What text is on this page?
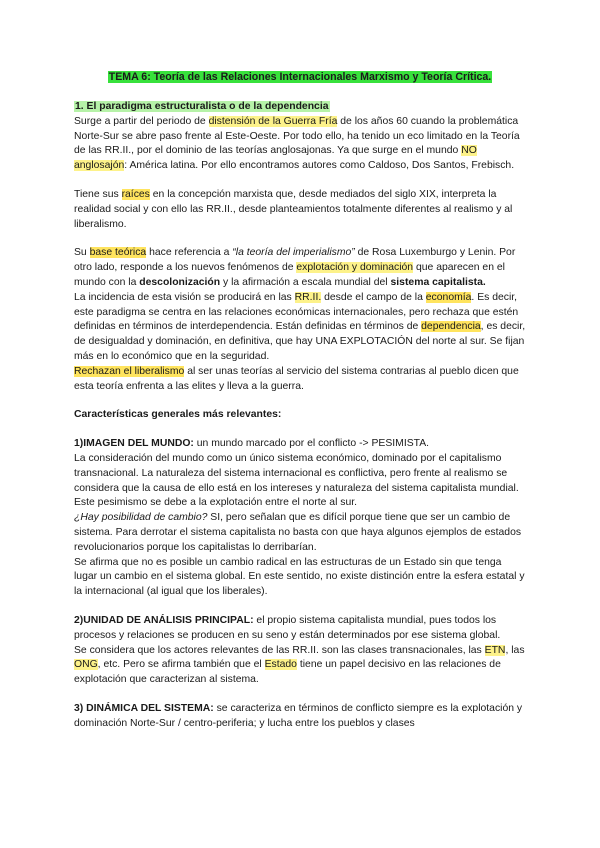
TEMA 6: Teoría de las Relaciones Internacionales Marxismo y Teoría Crítica.

1. El paradigma estructuralista o de la dependencia

Surge a partir del periodo de distensión de la Guerra Fría de los años 60 cuando la problemática Norte-Sur se abre paso frente al Este-Oeste. Por todo ello, ha tenido un eco limitado en la Teoría de las RR.II., por el dominio de las teorías anglosajonas. Ya que surge en el mundo NO anglosajón: América latina. Por ello encontramos autores como Caldoso, Dos Santos, Frebisch.

Tiene sus raíces en la concepción marxista que, desde mediados del siglo XIX, interpreta la realidad social y con ello las RR.II., desde planteamientos totalmente diferentes al realismo y al liberalismo.

Su base teórica hace referencia a “la teoría del imperialismo” de Rosa Luxemburgo y Lenin. Por otro lado, responde a los nuevos fenómenos de explotación y dominación que aparecen en el mundo con la descolonización y la afirmación a escala mundial del sistema capitalista.

La incidencia de esta visión se producirá en las RR.II. desde el campo de la economía. Es decir, este paradigma se centra en las relaciones económicas internacionales, pero rechaza que estén definidas en términos de interdependencia. Están definidas en términos de dependencia, es decir, de desigualdad y dominación, en definitiva, que hay UNA EXPLOTACIÓN del norte al sur. Se fijan más en lo económico que en la seguridad.
Rechazan el liberalismo al ser unas teorías al servicio del sistema contrarias al pueblo dicen que esta teoría enfrenta a las elites y lleva a la guerra.

Características generales más relevantes:

1)IMAGEN DEL MUNDO: un mundo marcado por el conflicto -> PESIMISTA.
La consideración del mundo como un único sistema económico, dominado por el capitalismo transnacional. La naturaleza del sistema internacional es conflictiva, pero frente al realismo se considera que la causa de ello está en los intereses y naturaleza del sistema capitalista mundial. Este pesimismo se debe a la explotación entre el norte al sur.
¿Hay posibilidad de cambio? SI, pero señalan que es difícil porque tiene que ser un cambio de sistema. Para derrotar el sistema capitalista no basta con que haya algunos ejemplos de estados revolucionarios porque los capitalistas lo derribarían.
Se afirma que no es posible un cambio radical en las estructuras de un Estado sin que tenga lugar un cambio en el sistema global. En este sentido, no existe distinción entre la esfera estatal y la internacional (al igual que los liberales).

2)UNIDAD DE ANÁLISIS PRINCIPAL: el propio sistema capitalista mundial, pues todos los procesos y relaciones se producen en su seno y están determinados por ese sistema global.
Se considera que los actores relevantes de las RR.II. son las clases transnacionales, las ETN, las ONG, etc. Pero se afirma también que el Estado tiene un papel decisivo en las relaciones de explotación que caracterizan al sistema.

3) DINÁMICA DEL SISTEMA: se caracteriza en términos de conflicto siempre es la explotación y dominación Norte-Sur / centro-periferia; y lucha entre los pueblos y clases
